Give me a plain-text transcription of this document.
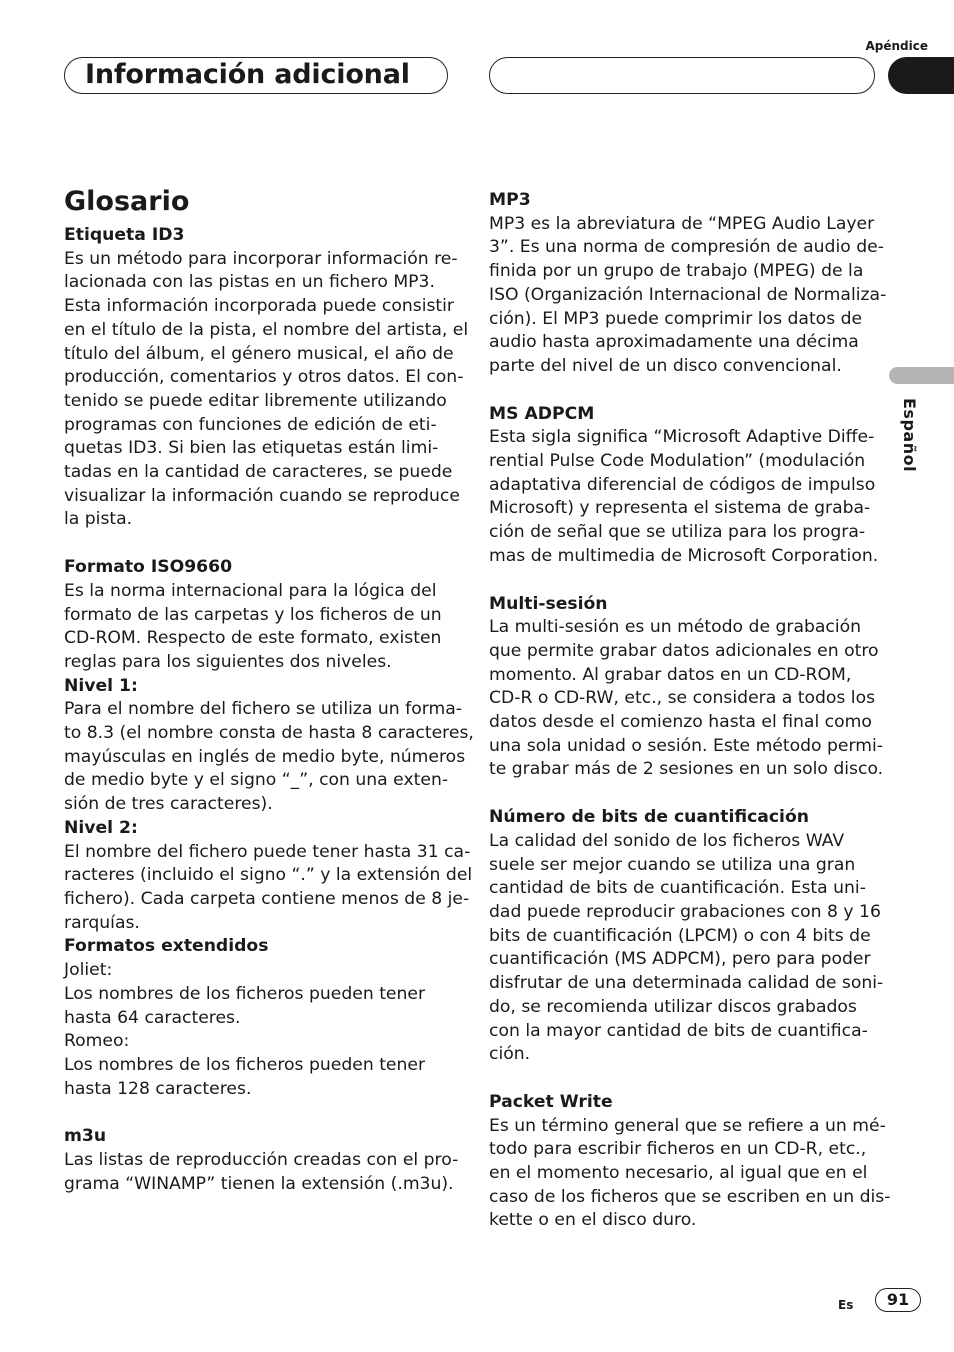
Apéndice
Información adicional
Español
Glosario

Etiqueta ID3

Es un método para incorporar información re-

lacionada con las pistas en un fichero MP3.

Esta información incorporada puede consistir

en el título de la pista, el nombre del artista, el

título del álbum, el género musical, el año de

producción, comentarios y otros datos. El con-

tenido se puede editar libremente utilizando

programas con funciones de edición de eti-

quetas ID3. Si bien las etiquetas están limi-

tadas en la cantidad de caracteres, se puede

visualizar la información cuando se reproduce

la pista.

Formato ISO9660

Es la norma internacional para la lógica del

formato de las carpetas y los ficheros de un

CD-ROM. Respecto de este formato, existen

reglas para los siguientes dos niveles.

Nivel 1:

Para el nombre del fichero se utiliza un forma-

to 8.3 (el nombre consta de hasta 8 caracteres,

mayúsculas en inglés de medio byte, números

de medio byte y el signo “_”, con una exten-

sión de tres caracteres).

Nivel 2:

El nombre del fichero puede tener hasta 31 ca-

racteres (incluido el signo “.” y la extensión del

fichero). Cada carpeta contiene menos de 8 je-

rarquías.

Formatos extendidos

Joliet:

Los nombres de los ficheros pueden tener

hasta 64 caracteres.

Romeo:

Los nombres de los ficheros pueden tener

hasta 128 caracteres.

m3u

Las listas de reproducción creadas con el pro-

grama “WINAMP” tienen la extensión (.m3u).

MP3

MP3 es la abreviatura de “MPEG Audio Layer

3”. Es una norma de compresión de audio de-

finida por un grupo de trabajo (MPEG) de la

ISO (Organización Internacional de Normaliza-

ción). El MP3 puede comprimir los datos de

audio hasta aproximadamente una décima

parte del nivel de un disco convencional.

MS ADPCM

Esta sigla significa “Microsoft Adaptive Diffe-

rential Pulse Code Modulation” (modulación

adaptativa diferencial de códigos de impulso

Microsoft) y representa el sistema de graba-

ción de señal que se utiliza para los progra-

mas de multimedia de Microsoft Corporation.

Multi-sesión

La multi-sesión es un método de grabación

que permite grabar datos adicionales en otro

momento. Al grabar datos en un CD-ROM,

CD-R o CD-RW, etc., se considera a todos los

datos desde el comienzo hasta el final como

una sola unidad o sesión. Este método permi-

te grabar más de 2 sesiones en un solo disco.

Número de bits de cuantificación

La calidad del sonido de los ficheros WAV

suele ser mejor cuando se utiliza una gran

cantidad de bits de cuantificación. Esta uni-

dad puede reproducir grabaciones con 8 y 16

bits de cuantificación (LPCM) o con 4 bits de

cuantificación (MS ADPCM), pero para poder

disfrutar de una determinada calidad de soni-

do, se recomienda utilizar discos grabados

con la mayor cantidad de bits de cuantifica-

ción.

Packet Write

Es un término general que se refiere a un mé-

todo para escribir ficheros en un CD-R, etc.,

en el momento necesario, al igual que en el

caso de los ficheros que se escriben en un dis-

kette o en el disco duro.

Es	91
